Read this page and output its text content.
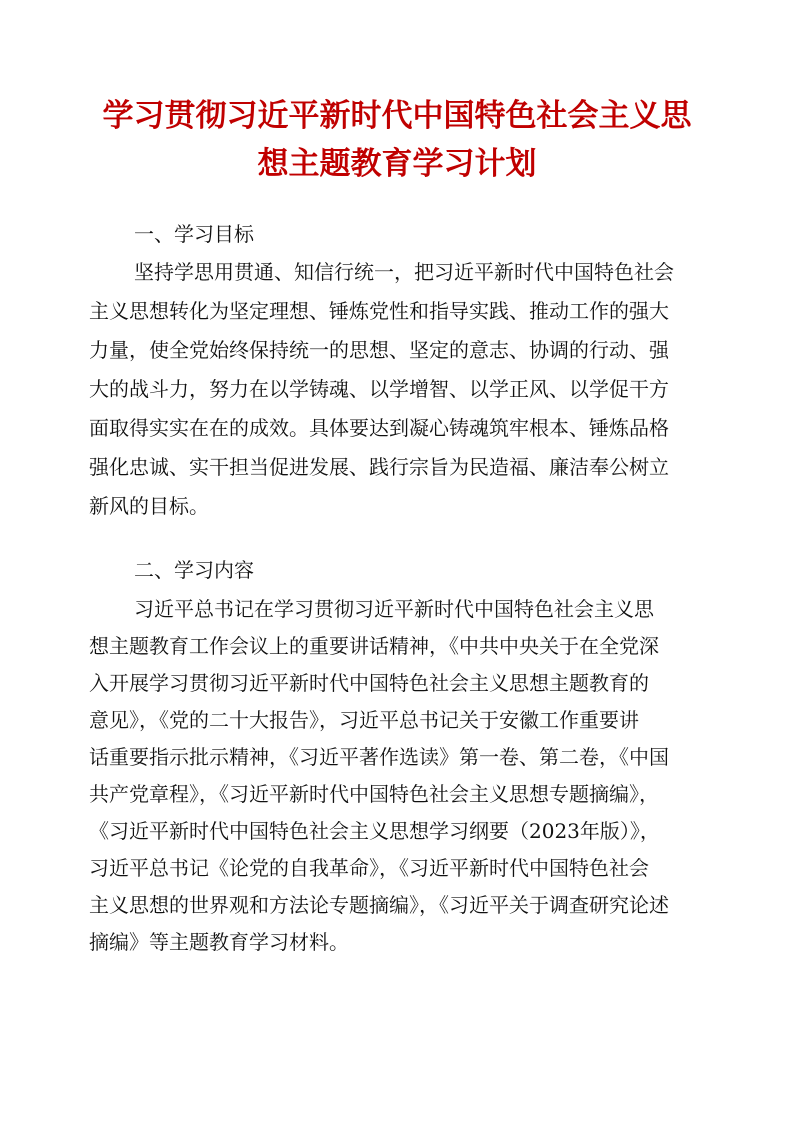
学习贯彻习近平新时代中国特色社会主义思
想主题教育学习计划
一、学习目标
坚持学思用贯通、知信行统一，把习近平新时代中国特色社会
主义思想转化为坚定理想、锤炼党性和指导实践、推动工作的强大
力量，使全党始终保持统一的思想、坚定的意志、协调的行动、强
大的战斗力，努力在以学铸魂、以学增智、以学正风、以学促干方
面取得实实在在的成效。具体要达到凝心铸魂筑牢根本、锤炼品格
强化忠诚、实干担当促进发展、践行宗旨为民造福、廉洁奉公树立
新风的目标。
二、学习内容
习近平总书记在学习贯彻习近平新时代中国特色社会主义思
想主题教育工作会议上的重要讲话精神，《中共中央关于在全党深
入开展学习贯彻习近平新时代中国特色社会主义思想主题教育的
意见》，《党的二十大报告》，习近平总书记关于安徽工作重要讲
话重要指示批示精神，《习近平著作选读》第一卷、第二卷，《中国
共产党章程》，《习近平新时代中国特色社会主义思想专题摘编》，
《习近平新时代中国特色社会主义思想学习纲要（2023年版）》，
习近平总书记《论党的自我革命》，《习近平新时代中国特色社会
主义思想的世界观和方法论专题摘编》，《习近平关于调查研究论述
摘编》等主题教育学习材料。
